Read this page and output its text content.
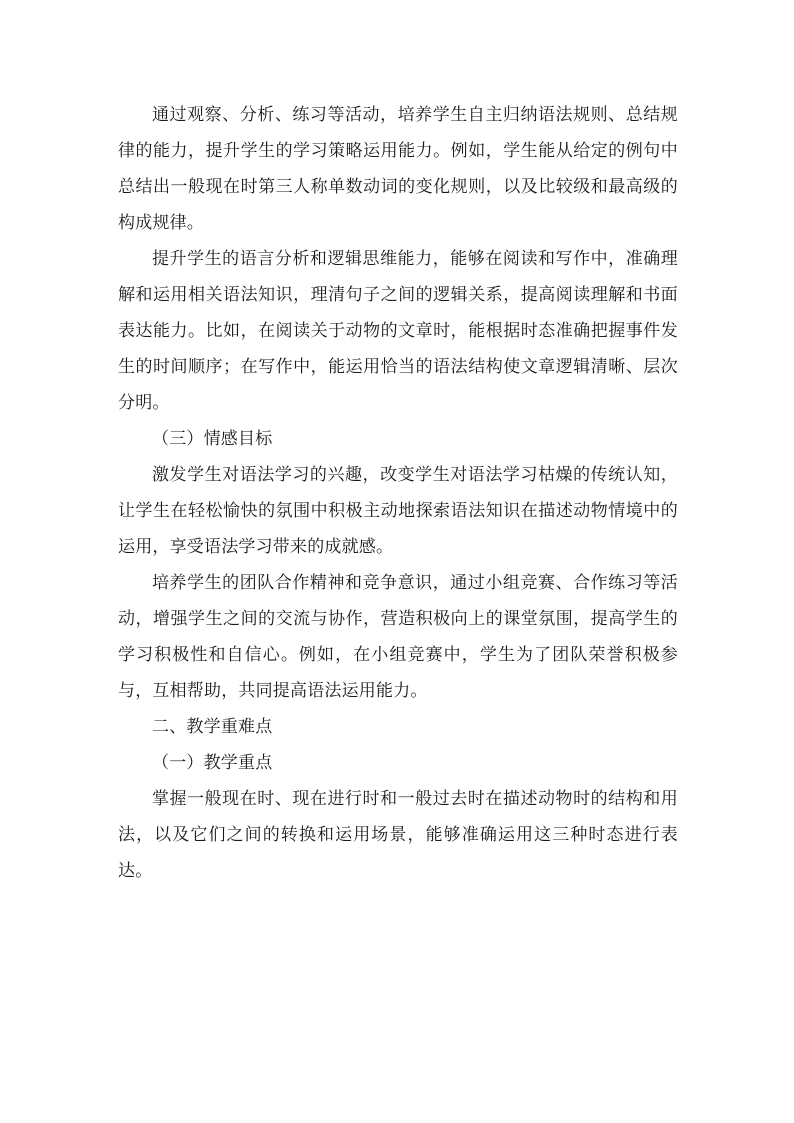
通过观察、分析、练习等活动，培养学生自主归纳语法规则、总结规律的能力，提升学生的学习策略运用能力。例如，学生能从给定的例句中总结出一般现在时第三人称单数动词的变化规则，以及比较级和最高级的构成规律。

提升学生的语言分析和逻辑思维能力，能够在阅读和写作中，准确理解和运用相关语法知识，理清句子之间的逻辑关系，提高阅读理解和书面表达能力。比如，在阅读关于动物的文章时，能根据时态准确把握事件发生的时间顺序；在写作中，能运用恰当的语法结构使文章逻辑清晰、层次分明。

（三）情感目标

激发学生对语法学习的兴趣，改变学生对语法学习枯燥的传统认知，让学生在轻松愉快的氛围中积极主动地探索语法知识在描述动物情境中的运用，享受语法学习带来的成就感。

培养学生的团队合作精神和竞争意识，通过小组竞赛、合作练习等活动，增强学生之间的交流与协作，营造积极向上的课堂氛围，提高学生的学习积极性和自信心。例如，在小组竞赛中，学生为了团队荣誉积极参与，互相帮助，共同提高语法运用能力。

二、教学重难点

（一）教学重点

掌握一般现在时、现在进行时和一般过去时在描述动物时的结构和用法，以及它们之间的转换和运用场景，能够准确运用这三种时态进行表达。
